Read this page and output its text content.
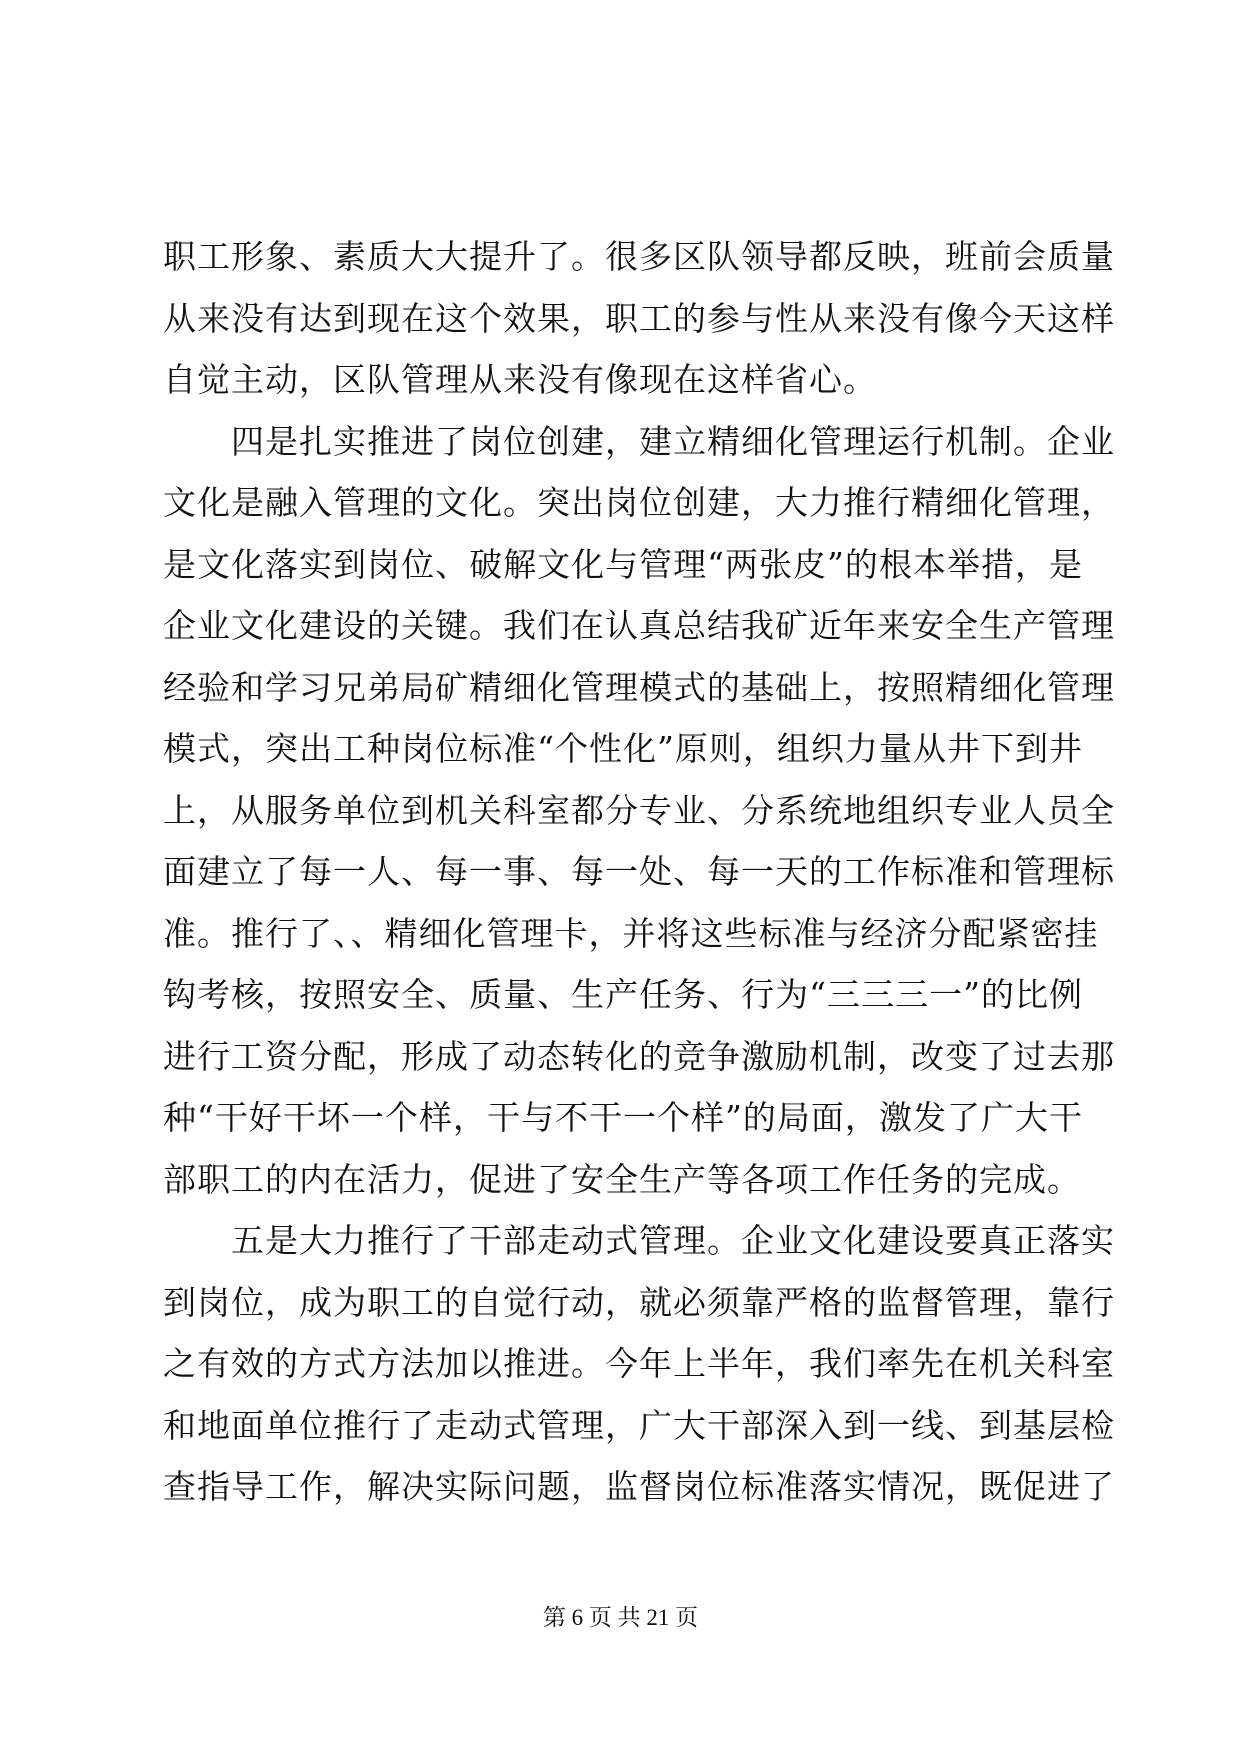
职工形象、素质大大提升了。很多区队领导都反映，班前会质量
从来没有达到现在这个效果，职工的参与性从来没有像今天这样
自觉主动，区队管理从来没有像现在这样省心。
四是扎实推进了岗位创建，建立精细化管理运行机制。企业
文化是融入管理的文化。突出岗位创建，大力推行精细化管理，
是文化落实到岗位、破解文化与管理“两张皮”的根本举措，是
企业文化建设的关键。我们在认真总结我矿近年来安全生产管理
经验和学习兄弟局矿精细化管理模式的基础上，按照精细化管理
模式，突出工种岗位标准“个性化”原则，组织力量从井下到井
上，从服务单位到机关科室都分专业、分系统地组织专业人员全
面建立了每一人、每一事、每一处、每一天的工作标准和管理标
准。推行了、、精细化管理卡，并将这些标准与经济分配紧密挂
钩考核，按照安全、质量、生产任务、行为“三三三一”的比例
进行工资分配，形成了动态转化的竞争激励机制，改变了过去那
种“干好干坏一个样，干与不干一个样”的局面，激发了广大干
部职工的内在活力，促进了安全生产等各项工作任务的完成。
五是大力推行了干部走动式管理。企业文化建设要真正落实
到岗位，成为职工的自觉行动，就必须靠严格的监督管理，靠行
之有效的方式方法加以推进。今年上半年，我们率先在机关科室
和地面单位推行了走动式管理，广大干部深入到一线、到基层检
查指导工作，解决实际问题，监督岗位标准落实情况，既促进了
第 6 页 共 21 页
